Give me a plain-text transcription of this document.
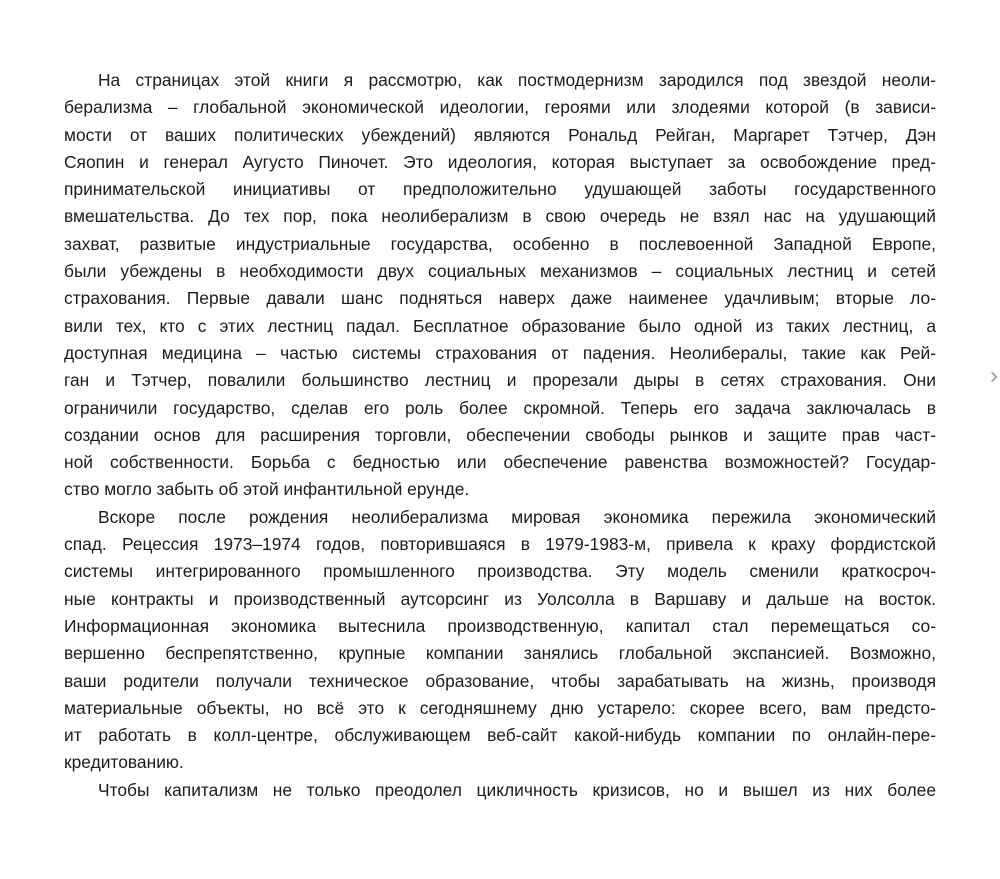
На страницах этой книги я рассмотрю, как постмодернизм зародился под звездой неоли-
берализма – глобальной экономической идеологии, героями или злодеями которой (в зависи-
мости от ваших политических убеждений) являются Рональд Рейган, Маргарет Тэтчер, Дэн
Сяопин и генерал Аугусто Пиночет. Это идеология, которая выступает за освобождение пред-
принимательской инициативы от предположительно удушающей заботы государственного
вмешательства. До тех пор, пока неолиберализм в свою очередь не взял нас на удушающий
захват, развитые индустриальные государства, особенно в послевоенной Западной Европе,
были убеждены в необходимости двух социальных механизмов – социальных лестниц и сетей
страхования. Первые давали шанс подняться наверх даже наименее удачливым; вторые ло-
вили тех, кто с этих лестниц падал. Бесплатное образование было одной из таких лестниц, а
доступная медицина – частью системы страхования от падения. Неолибералы, такие как Рей-
ган и Тэтчер, повалили большинство лестниц и прорезали дыры в сетях страхования. Они
ограничили государство, сделав его роль более скромной. Теперь его задача заключалась в
создании основ для расширения торговли, обеспечении свободы рынков и защите прав част-
ной собственности. Борьба с бедностью или обеспечение равенства возможностей? Государ-
ство могло забыть об этой инфантильной ерунде.

Вскоре после рождения неолиберализма мировая экономика пережила экономический
спад. Рецессия 1973–1974 годов, повторившаяся в 1979-1983-м, привела к краху фордистской
системы интегрированного промышленного производства. Эту модель сменили краткосроч-
ные контракты и производственный аутсорсинг из Уолсолла в Варшаву и дальше на восток.
Информационная экономика вытеснила производственную, капитал стал перемещаться со-
вершенно беспрепятственно, крупные компании занялись глобальной экспансией. Возможно,
ваши родители получали техническое образование, чтобы зарабатывать на жизнь, производя
материальные объекты, но всё это к сегодняшнему дню устарело: скорее всего, вам предсто-
ит работать в колл-центре, обслуживающем веб-сайт какой-нибудь компании по онлайн-пере-
кредитованию.

Чтобы капитализм не только преодолел цикличность кризисов, но и вышел из них более

›
